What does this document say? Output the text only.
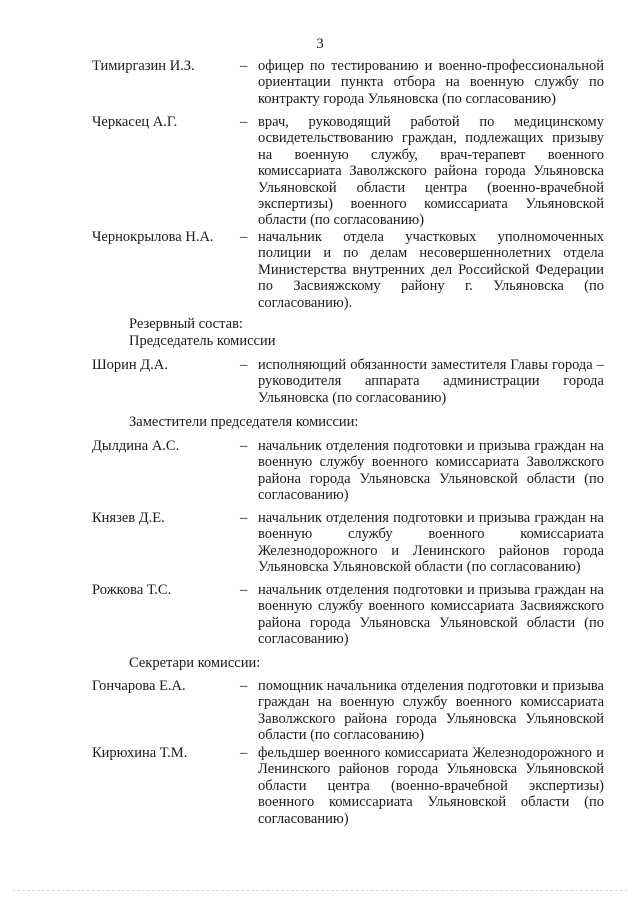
3
Тимиргазин И.З.	– офицер по тестированию и военно-профессиональной ориентации пункта отбора на военную службу по контракту города Ульяновска (по согласованию)
Черкасец А.Г.	– врач, руководящий работой по медицинскому освидетельствованию граждан, подлежащих призыву на военную службу, врач-терапевт военного комиссариата Заволжского района города Ульяновска Ульяновской области центра (военно-врачебной экспертизы) военного комиссариата Ульяновской области (по согласованию)
Чернокрылова Н.А. – начальник отдела участковых уполномоченных полиции и по делам несовершеннолетних отдела Министерства внутренних дел Российской Федерации по Засвияжскому району г. Ульяновска (по согласованию).
Резервный состав:
Председатель комиссии
Шорин Д.А.	– исполняющий обязанности заместителя Главы города – руководителя аппарата администрации города Ульяновска (по согласованию)
Заместители председателя комиссии:
Дылдина А.С.	– начальник отделения подготовки и призыва граждан на военную службу военного комиссариата Заволжского района города Ульяновска Ульяновской области (по согласованию)
Князев Д.Е.	– начальник отделения подготовки и призыва граждан на военную службу военного комиссариата Железнодорожного и Ленинского районов города Ульяновска Ульяновской области (по согласованию)
Рожкова Т.С.	– начальник отделения подготовки и призыва граждан на военную службу военного комиссариата Засвияжского района города Ульяновска Ульяновской области (по согласованию)
Секретари комиссии:
Гончарова Е.А.	– помощник начальника отделения подготовки и призыва граждан на военную службу военного комиссариата Заволжского района города Ульяновска Ульяновской области (по согласованию)
Кирюхина Т.М.	– фельдшер военного комиссариата Железнодорожного и Ленинского районов города Ульяновска Ульяновской области центра (военно-врачебной экспертизы) военного комиссариата Ульяновской области (по согласованию)
